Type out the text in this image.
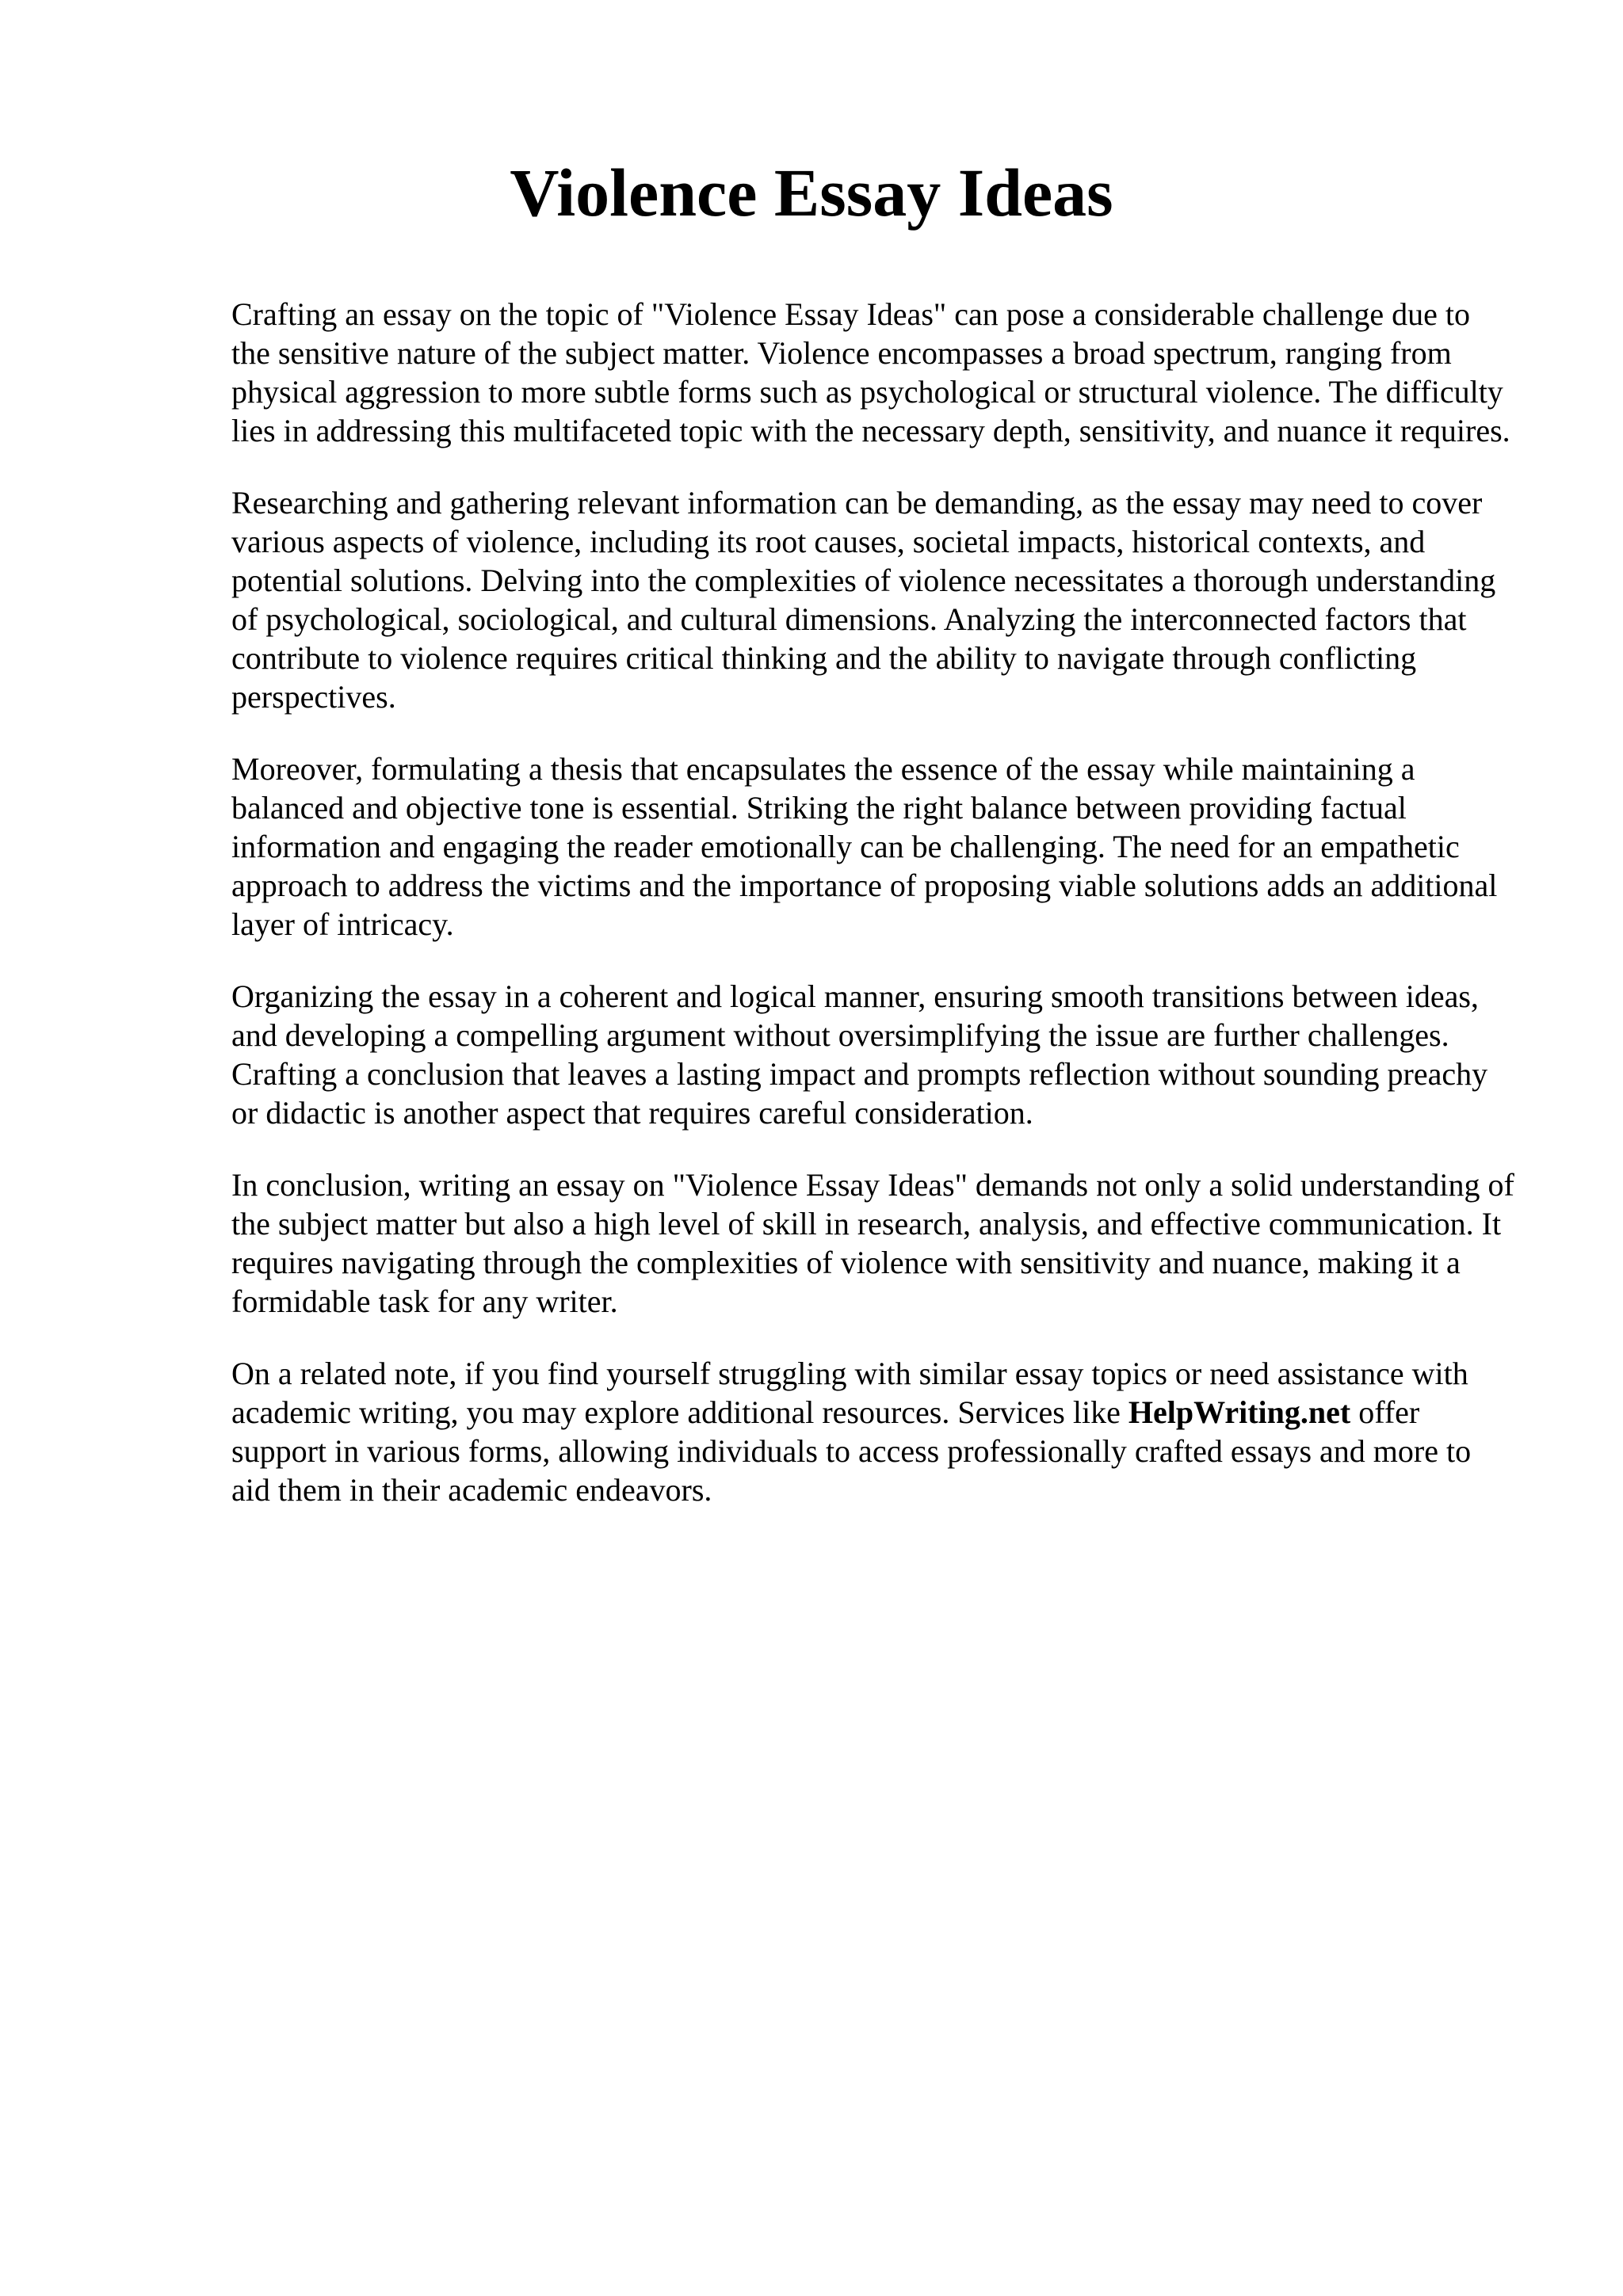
Violence Essay Ideas

Crafting an essay on the topic of "Violence Essay Ideas" can pose a considerable challenge due to the sensitive nature of the subject matter. Violence encompasses a broad spectrum, ranging from physical aggression to more subtle forms such as psychological or structural violence. The difficulty lies in addressing this multifaceted topic with the necessary depth, sensitivity, and nuance it requires.

Researching and gathering relevant information can be demanding, as the essay may need to cover various aspects of violence, including its root causes, societal impacts, historical contexts, and potential solutions. Delving into the complexities of violence necessitates a thorough understanding of psychological, sociological, and cultural dimensions. Analyzing the interconnected factors that contribute to violence requires critical thinking and the ability to navigate through conflicting perspectives.

Moreover, formulating a thesis that encapsulates the essence of the essay while maintaining a balanced and objective tone is essential. Striking the right balance between providing factual information and engaging the reader emotionally can be challenging. The need for an empathetic approach to address the victims and the importance of proposing viable solutions adds an additional layer of intricacy.

Organizing the essay in a coherent and logical manner, ensuring smooth transitions between ideas, and developing a compelling argument without oversimplifying the issue are further challenges. Crafting a conclusion that leaves a lasting impact and prompts reflection without sounding preachy or didactic is another aspect that requires careful consideration.

In conclusion, writing an essay on "Violence Essay Ideas" demands not only a solid understanding of the subject matter but also a high level of skill in research, analysis, and effective communication. It requires navigating through the complexities of violence with sensitivity and nuance, making it a formidable task for any writer.

On a related note, if you find yourself struggling with similar essay topics or need assistance with academic writing, you may explore additional resources. Services like HelpWriting.net offer support in various forms, allowing individuals to access professionally crafted essays and more to aid them in their academic endeavors.
